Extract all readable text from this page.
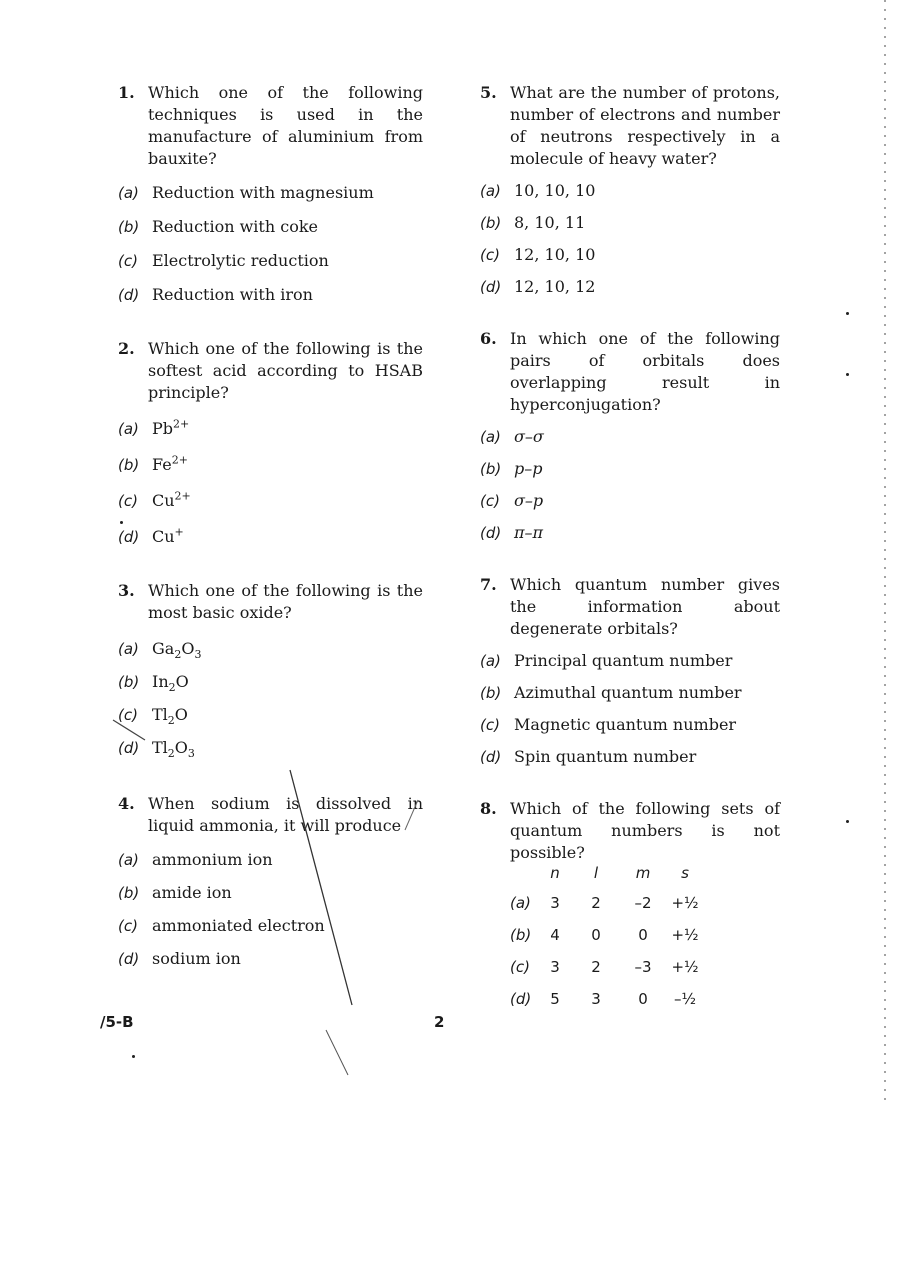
1. Which one of the following techniques is used in the manufacture of aluminium from bauxite?
(a) Reduction with magnesium
(b) Reduction with coke
(c) Electrolytic reduction
(d) Reduction with iron
2. Which one of the following is the softest acid according to HSAB principle?
(a) $Pb^{2+}$
(b) $Fe^{2+}$
(c) $Cu^{2+}$
(d) Cu+
3. Which one of the following is the most basic oxide?
(a) $Ga_2O_3$
(b) $In_2O$
(c) $Tl_2O$
(d) $Tl_2O_3$
4. When sodium is dissolved in liquid ammonia, it will produce
(a) ammonium ion
(b) amide ion
(c) ammoniated electron
(d) sodium ion
5. What are the number of protons, number of electrons and number of neutrons respectively in a molecule of heavy water?
(a) 10, 10, 10
(b) 8, 10, 11
(c) 12, 10, 10
(d) 12, 10, 12
6. In which one of the following pairs of orbitals does overlapping result in hyperconjugation?
(a) σ–σ
(b) p–p
(c) σ–p
(d) π–π
7. Which quantum number gives the information about degenerate orbitals?
(a) Principal quantum number
(b) Azimuthal quantum number
(c) Magnetic quantum number
(d) Spin quantum number
8. Which of the following sets of quantum numbers is not possible?
n	l	m	s
(a)	3	2	–2	+½
(b)	4	0	0	+½
(c)	3	2	–3	+½
(d)	5	3	0	–½
/5-B	2
